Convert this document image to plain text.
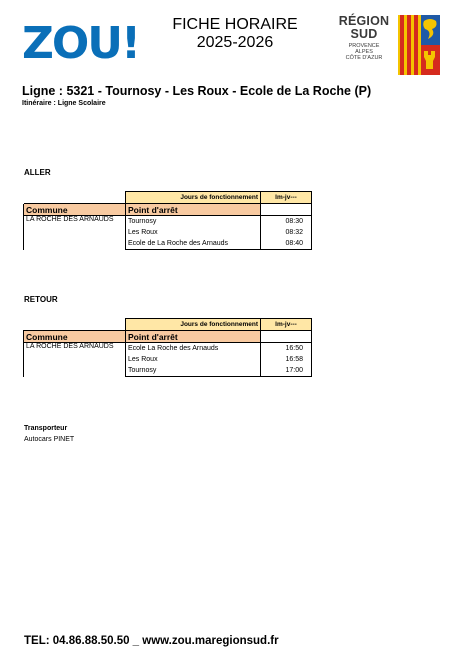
ZOU!	FICHE HORAIRE
2025-2026
RÉGION
SUD
PROVENCE
ALPES
CÔTE D'AZUR
Ligne : 5321 - Tournosy - Les Roux - Ecole de La Roche (P)
Itinéraire : Ligne Scolaire
ALLER
	Jours de fonctionnement	lm-jv---
Commune	Point d'arrêt	
LA ROCHE DES ARNAUDS	Tournosy	08:30
	Les Roux	08:32
	Ecole de La Roche des Arnauds	08:40
RETOUR
	Jours de fonctionnement	lm-jv---
Commune	Point d'arrêt	
LA ROCHE DES ARNAUDS	Ecole La Roche des Arnauds	16:50
	Les Roux	16:58
	Tournosy	17:00
Transporteur
Autocars PINET
TEL: 04.86.88.50.50 _ www.zou.maregionsud.fr
